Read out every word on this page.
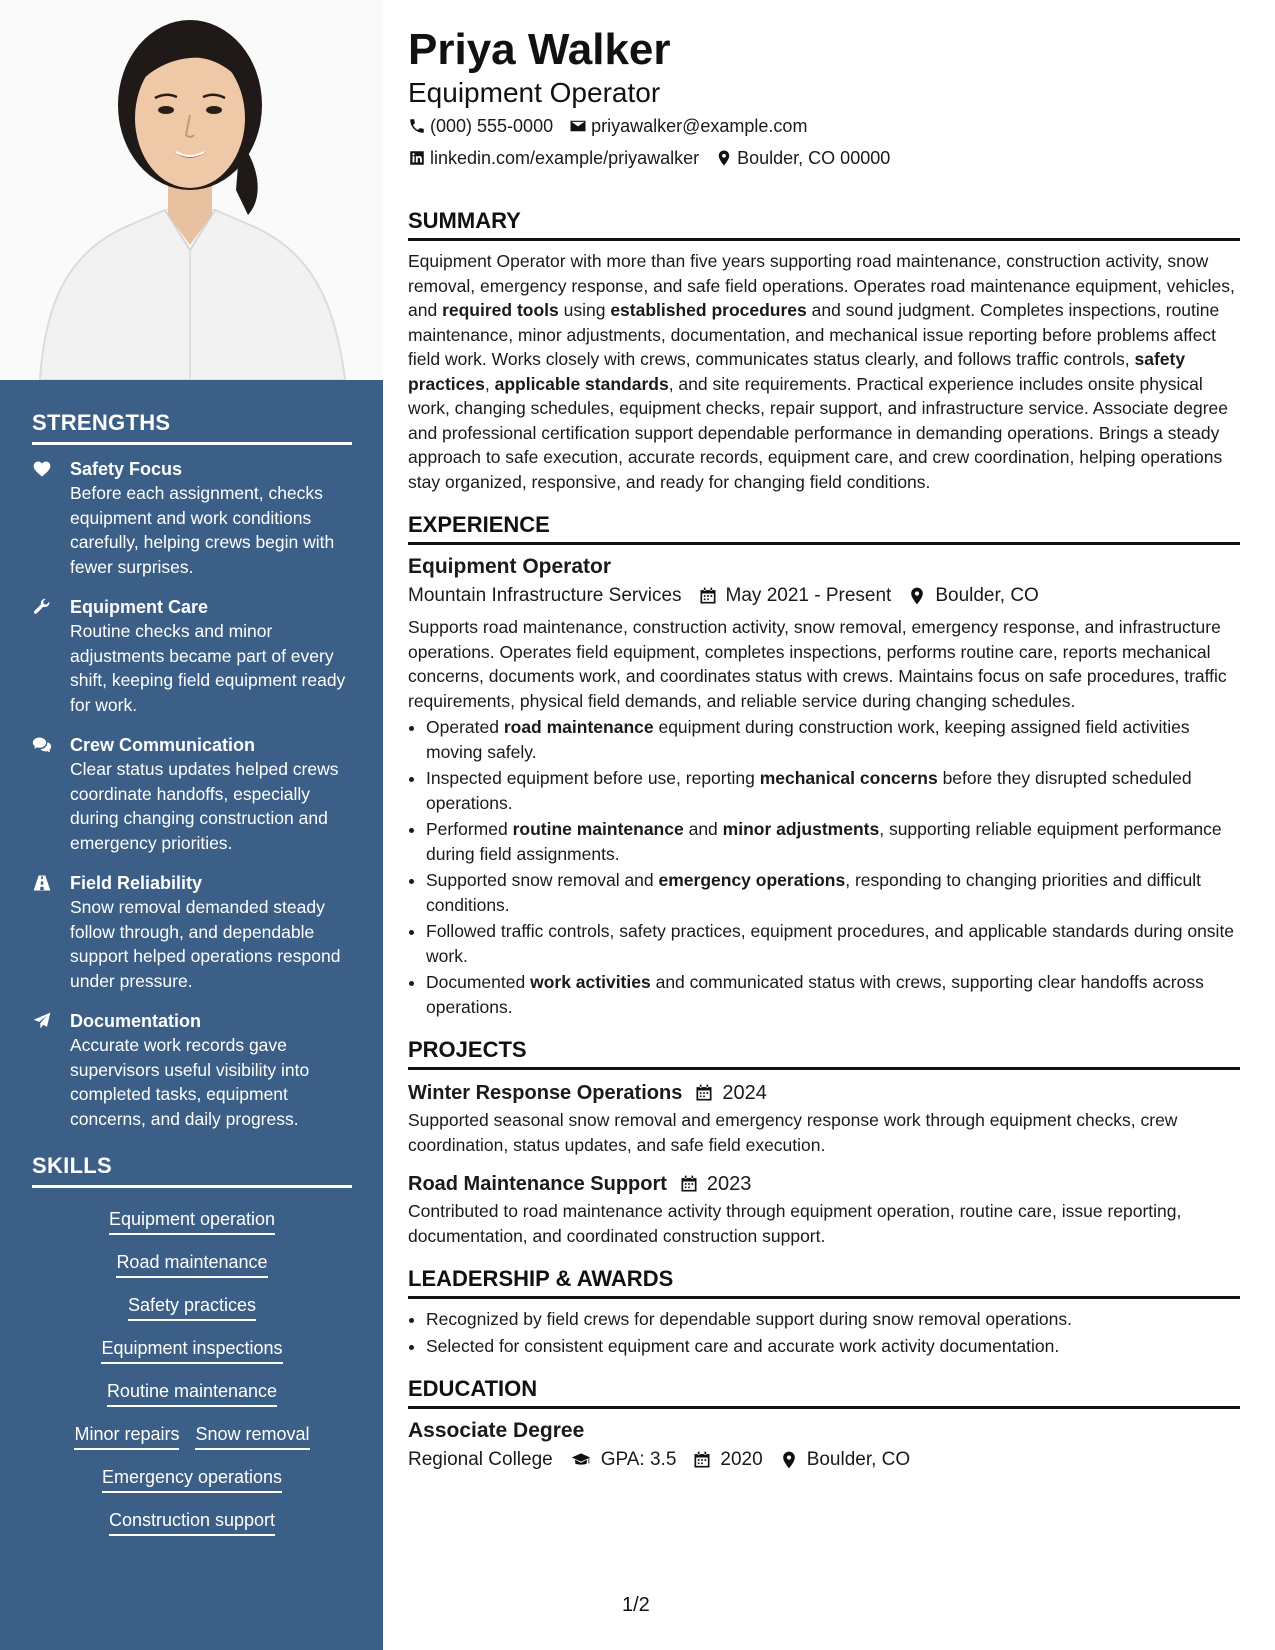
STRENGTHS
Safety Focus
Before each assignment, checks equipment and work conditions carefully, helping crews begin with fewer surprises.
Equipment Care
Routine checks and minor adjustments became part of every shift, keeping field equipment ready for work.
Crew Communication
Clear status updates helped crews coordinate handoffs, especially during changing construction and emergency priorities.
Field Reliability
Snow removal demanded steady follow through, and dependable support helped operations respond under pressure.
Documentation
Accurate work records gave supervisors useful visibility into completed tasks, equipment concerns, and daily progress.
SKILLS
Equipment operation
Road maintenance
Safety practices
Equipment inspections
Routine maintenance
Minor repairs Snow removal
Emergency operations
Construction support
Priya Walker
Equipment Operator
(000) 555-0000 priyawalker@example.com
linkedin.com/example/priyawalker Boulder, CO 00000
SUMMARY

Equipment Operator with more than five years supporting road maintenance, construction activity, snow removal, emergency response, and safe field operations. Operates road maintenance equipment, vehicles, and required tools using established procedures and sound judgment. Completes inspections, routine maintenance, minor adjustments, documentation, and mechanical issue reporting before problems affect field work. Works closely with crews, communicates status clearly, and follows traffic controls, safety practices, applicable standards, and site requirements. Practical experience includes onsite physical work, changing schedules, equipment checks, repair support, and infrastructure service. Associate degree and professional certification support dependable performance in demanding operations. Brings a steady approach to safe execution, accurate records, equipment care, and crew coordination, helping operations stay organized, responsive, and ready for changing field conditions.

EXPERIENCE
Equipment Operator
Mountain Infrastructure Services May 2021 - Present Boulder, CO

Supports road maintenance, construction activity, snow removal, emergency response, and infrastructure operations. Operates field equipment, completes inspections, performs routine care, reports mechanical concerns, documents work, and coordinates status with crews. Maintains focus on safe procedures, traffic requirements, physical field demands, and reliable service during changing schedules.

• Operated road maintenance equipment during construction work, keeping assigned field activities moving safely.
• Inspected equipment before use, reporting mechanical concerns before they disrupted scheduled operations.
• Performed routine maintenance and minor adjustments, supporting reliable equipment performance during field assignments.
• Supported snow removal and emergency operations, responding to changing priorities and difficult conditions.
• Followed traffic controls, safety practices, equipment procedures, and applicable standards during onsite work.
• Documented work activities and communicated status with crews, supporting clear handoffs across operations.
PROJECTS
Winter Response Operations 2024

Supported seasonal snow removal and emergency response work through equipment checks, crew coordination, status updates, and safe field execution.

Road Maintenance Support 2023

Contributed to road maintenance activity through equipment operation, routine care, issue reporting, documentation, and coordinated construction support.

LEADERSHIP & AWARDS
• Recognized by field crews for dependable support during snow removal operations.
• Selected for consistent equipment care and accurate work activity documentation.
EDUCATION
Associate Degree
Regional College	GPA: 3.5 2020 Boulder, CO
1/2
